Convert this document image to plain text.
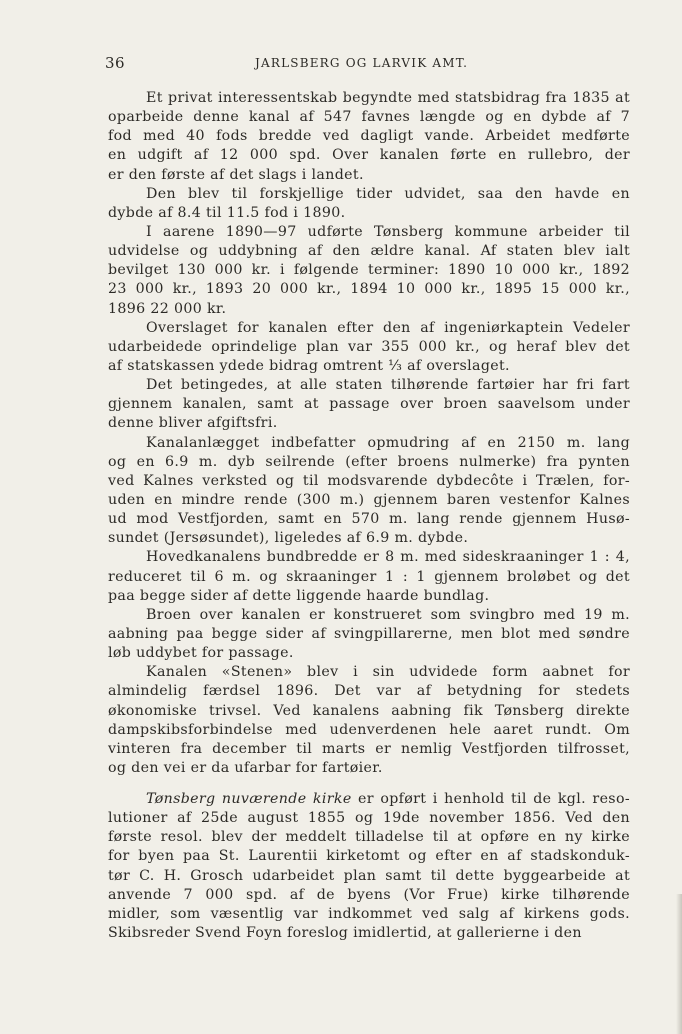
36	JARLSBERG OG LARVIK AMT.
Et privat interessentskab begyndte med statsbidrag fra 1835 at
oparbeide denne kanal af 547 favnes længde og en dybde af 7
fod med 40 fods bredde ved dagligt vande. Arbeidet medførte
en udgift af 12 000 spd. Over kanalen førte en rullebro, der
er den første af det slags i landet.
Den blev til forskjellige tider udvidet, saa den havde en
dybde af 8.4 til 11.5 fod i 1890.
I aarene 1890—97 udførte Tønsberg kommune arbeider til
udvidelse og uddybning af den ældre kanal. Af staten blev ialt
bevilget 130 000 kr. i følgende terminer: 1890 10 000 kr., 1892
23 000 kr., 1893 20 000 kr., 1894 10 000 kr., 1895 15 000 kr.,
1896 22 000 kr.
Overslaget for kanalen efter den af ingeniørkaptein Vedeler
udarbeidede oprindelige plan var 355 000 kr., og heraf blev det
af statskassen ydede bidrag omtrent ⅓ af overslaget.
Det betingedes, at alle staten tilhørende fartøier har fri fart
gjennem kanalen, samt at passage over broen saavelsom under
denne bliver afgiftsfri.
Kanalanlægget indbefatter opmudring af en 2150 m. lang
og en 6.9 m. dyb seilrende (efter broens nulmerke) fra pynten
ved Kalnes verksted og til modsvarende dybdecôte i Trælen, for-
uden en mindre rende (300 m.) gjennem baren vestenfor Kalnes
ud mod Vestfjorden, samt en 570 m. lang rende gjennem Husø-
sundet (Jersøsundet), ligeledes af 6.9 m. dybde.
Hovedkanalens bundbredde er 8 m. med sideskraaninger 1 : 4,
reduceret til 6 m. og skraaninger 1 : 1 gjennem broløbet og det
paa begge sider af dette liggende haarde bundlag.
Broen over kanalen er konstrueret som svingbro med 19 m.
aabning paa begge sider af svingpillarerne, men blot med søndre
løb uddybet for passage.
Kanalen «Stenen» blev i sin udvidede form aabnet for
almindelig færdsel 1896. Det var af betydning for stedets
økonomiske trivsel. Ved kanalens aabning fik Tønsberg direkte
dampskibsforbindelse med udenverdenen hele aaret rundt. Om
vinteren fra december til marts er nemlig Vestfjorden tilfrosset,
og den vei er da ufarbar for fartøier.
Tønsberg nuværende kirke er opført i henhold til de kgl. reso-
lutioner af 25de august 1855 og 19de november 1856. Ved den
første resol. blev der meddelt tilladelse til at opføre en ny kirke
for byen paa St. Laurentii kirketomt og efter en af stadskonduk-
tør C. H. Grosch udarbeidet plan samt til dette byggearbeide at
anvende 7 000 spd. af de byens (Vor Frue) kirke tilhørende
midler, som væsentlig var indkommet ved salg af kirkens gods.
Skibsreder Svend Foyn foreslog imidlertid, at gallerierne i den
